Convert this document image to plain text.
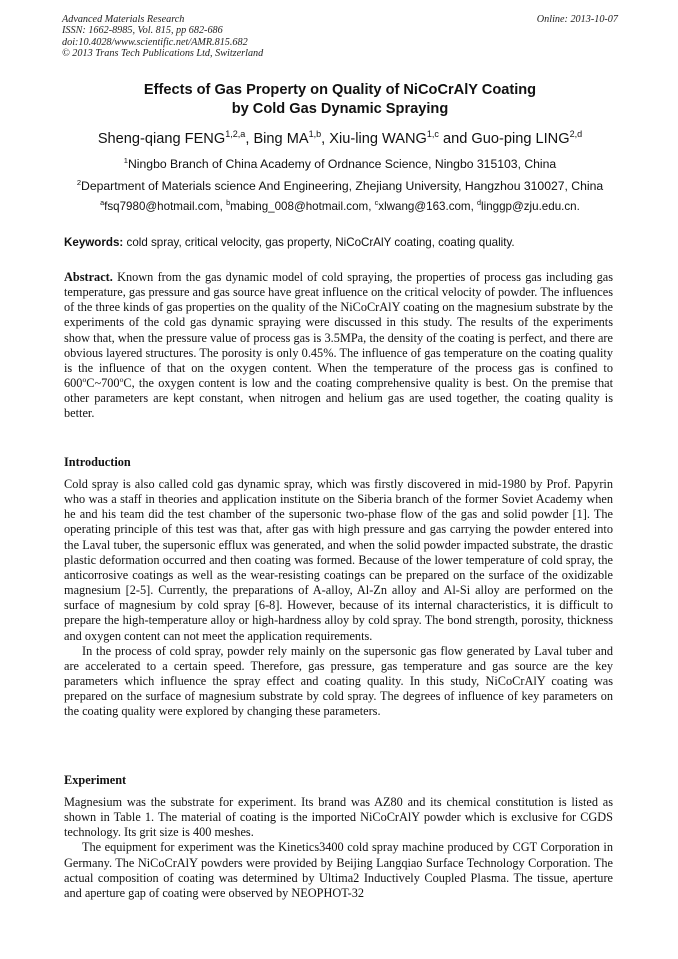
Advanced Materials Research
ISSN: 1662-8985, Vol. 815, pp 682-686
doi:10.4028/www.scientific.net/AMR.815.682
© 2013 Trans Tech Publications Ltd, Switzerland
Online: 2013-10-07
Effects of Gas Property on Quality of NiCoCrAlY Coating
by Cold Gas Dynamic Spraying
Sheng-qiang FENG$^{1,2,a}$, Bing MA$^{1,b}$, Xiu-ling WANG$^{1,c}$ and Guo-ping LING$^{2,d}$
$^1$Ningbo Branch of China Academy of Ordnance Science, Ningbo 315103, China
$^2$Department of Materials science And Engineering, Zhejiang University, Hangzhou 310027, China
$^a$fsq7980@hotmail.com, $^b$mabing_008@hotmail.com, $^c$xlwang@163.com, $^d$linggp@zju.edu.cn.
Keywords: cold spray, critical velocity, gas property, NiCoCrAlY coating, coating quality.

Abstract. Known from the gas dynamic model of cold spraying, the properties of process gas including gas temperature, gas pressure and gas source have great influence on the critical velocity of powder. The influences of the three kinds of gas properties on the quality of the NiCoCrAlY coating on the magnesium substrate by the experiments of the cold gas dynamic spraying were discussed in this study. The results of the experiments show that, when the pressure value of process gas is 3.5MPa, the density of the coating is perfect, and there are obvious layered structures. The porosity is only 0.45%. The influence of gas temperature on the coating quality is the influence of that on the oxygen content. When the temperature of the process gas is confined to 600$^o$C~700$^o$C, the oxygen content is low and the coating comprehensive quality is best. On the premise that other parameters are kept constant, when nitrogen and helium gas are used together, the coating quality is better.

Introduction

Cold spray is also called cold gas dynamic spray, which was firstly discovered in mid-1980 by Prof. Papyrin who was a staff in theories and application institute on the Siberia branch of the former Soviet Academy when he and his team did the test chamber of the supersonic two-phase flow of the gas and solid powder [1]. The operating principle of this test was that, after gas with high pressure and gas carrying the powder entered into the Laval tuber, the supersonic efflux was generated, and when the solid powder impacted substrate, the drastic plastic deformation occurred and then coating was formed. Because of the lower temperature of cold spray, the anticorrosive coatings as well as the wear-resisting coatings can be prepared on the surface of the oxidizable magnesium [2-5]. Currently, the preparations of A-alloy, Al-Zn alloy and Al-Si alloy are performed on the surface of magnesium by cold spray [6-8]. However, because of its internal characteristics, it is difficult to prepare the high-temperature alloy or high-hardness alloy by cold spray. The bond strength, porosity, thickness and oxygen content can not meet the application requirements.

In the process of cold spray, powder rely mainly on the supersonic gas flow generated by Laval tuber and are accelerated to a certain speed. Therefore, gas pressure, gas temperature and gas source are the key parameters which influence the spray effect and coating quality. In this study, NiCoCrAlY coating was prepared on the surface of magnesium substrate by cold spray. The degrees of influence of key parameters on the coating quality were explored by changing these parameters.

Experiment

Magnesium was the substrate for experiment. Its brand was AZ80 and its chemical constitution is listed as shown in Table 1. The material of coating is the imported NiCoCrAlY powder which is exclusive for CGDS technology. Its grit size is 400 meshes.

The equipment for experiment was the Kinetics3400 cold spray machine produced by CGT Corporation in Germany. The NiCoCrAlY powders were provided by Beijing Langqiao Surface Technology Corporation. The actual composition of coating was determined by Ultima2 Inductively Coupled Plasma. The tissue, aperture and aperture gap of coating were observed by NEOPHOT-32
